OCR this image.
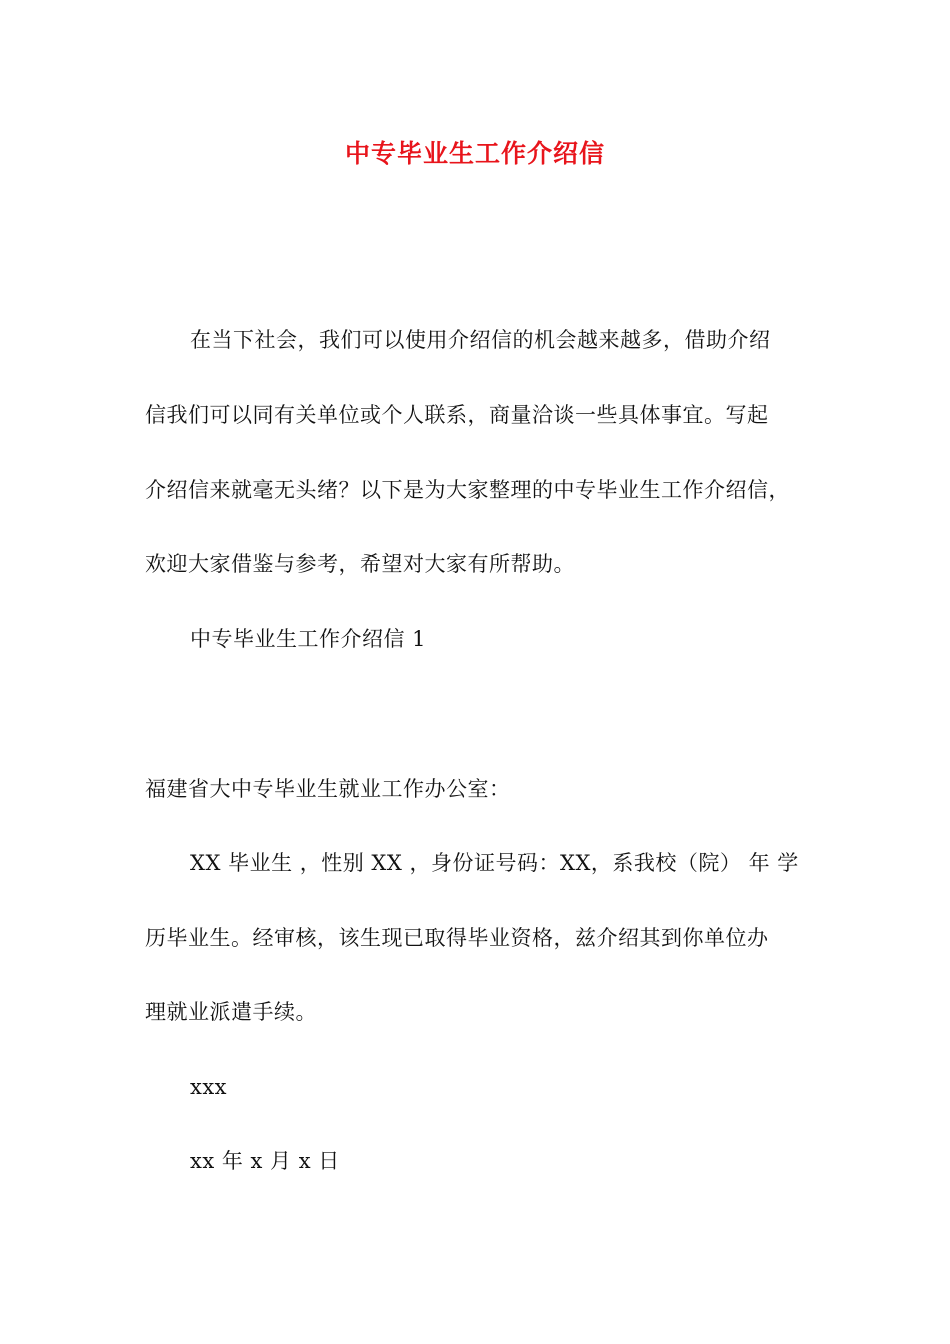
中专毕业生工作介绍信
在当下社会，我们可以使用介绍信的机会越来越多，借助介绍
信我们可以同有关单位或个人联系，商量洽谈一些具体事宜。写起
介绍信来就毫无头绪？以下是为大家整理的中专毕业生工作介绍信，
欢迎大家借鉴与参考，希望对大家有所帮助。
中专毕业生工作介绍信 1
福建省大中专毕业生就业工作办公室：
XX 毕业生 ，性别 XX ，身份证号码：XX，系我校（院） 年 学
历毕业生。经审核，该生现已取得毕业资格，兹介绍其到你单位办
理就业派遣手续。
xxx
xx 年 x 月 x 日
